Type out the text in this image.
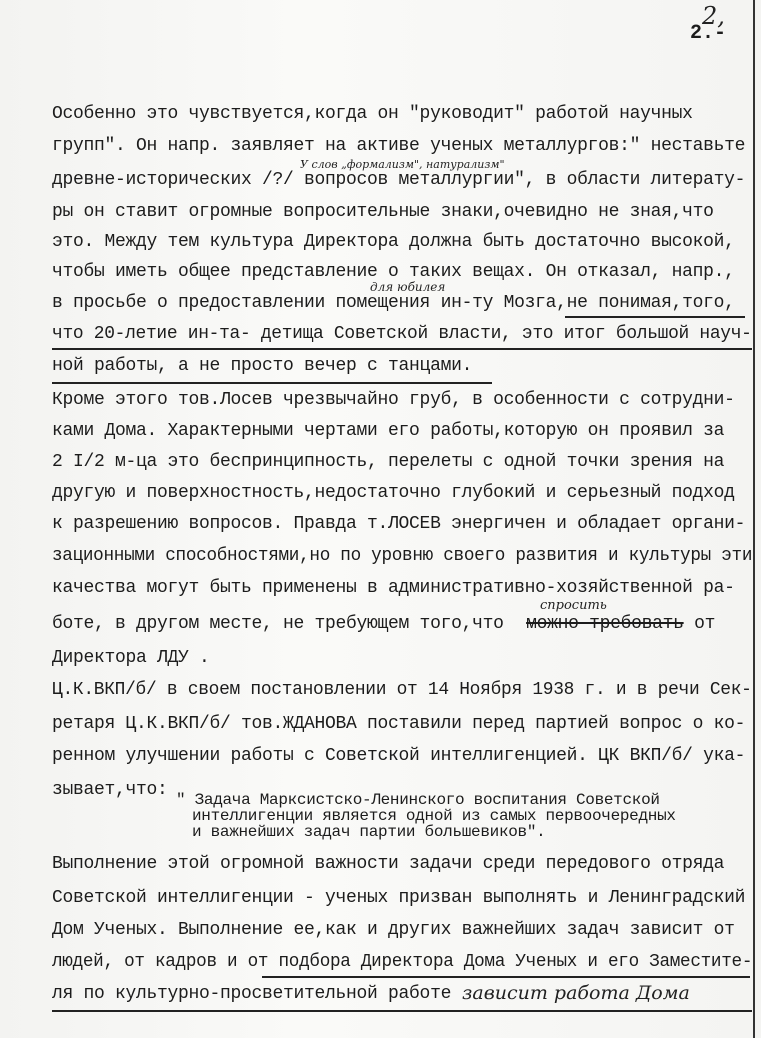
2,
2.-
Особенно это чувствуется,когда он "руководит" работой научных
групп". Он напр. заявляет на активе ученых металлургов:" неставьте
У слов „формализм", натурализм"
древне-исторических /?/ вопросов металлургии", в области литерату-
ры он ставит огромные вопросительные знаки,очевидно не зная,что
это. Между тем культура Директора должна быть достаточно высокой,
чтобы иметь общее представление о таких вещах. Он отказал, напр.,
для юбилея
в просьбе о предоставлении помещения ин-ту Мозга,не понимая,того,
что 20-летие ин-та- детища Советской власти, это итог большой науч-
ной работы, а не просто вечер с танцами.
Кроме этого тов.Лосев чрезвычайно груб, в особенности с сотрудни-
ками Дома. Характерными чертами его работы,которую он проявил за
2 I/2 м-ца это беспринципность, перелеты с одной точки зрения на
другую и поверхностность,недостаточно глубокий и серьезный подход
к разрешению вопросов. Правда т.ЛОСЕВ энергичен и обладает органи-
зационными способностями,но по уровню своего развития и культуры эти
качества могут быть применены в административно-хозяйственной ра-
спросить
боте, в другом месте, не требующем того,что можно требовать от
Директора ЛДУ .
Ц.К.ВКП/б/ в своем постановлении от 14 Ноября 1938 г. и в речи Сек-
ретаря Ц.К.ВКП/б/ тов.ЖДАНОВА поставили перед партией вопрос о ко-
ренном улучшении работы с Советской интеллигенцией. ЦК ВКП/б/ ука-
зывает,что: " Задача Марксистско-Ленинского воспитания Советской
интеллигенции является одной из самых первоочередных
и важнейших задач партии большевиков".
Выполнение этой огромной важности задачи среди передового отряда
Советской интеллигенции - ученых призван выполнять и Ленинградский
Дом Ученых. Выполнение ее,как и других важнейших задач зависит от
людей, от кадров и от подбора Директора Дома Ученых и его Заместите-
ля по культурно-просветительной работе зависит работа Дома
